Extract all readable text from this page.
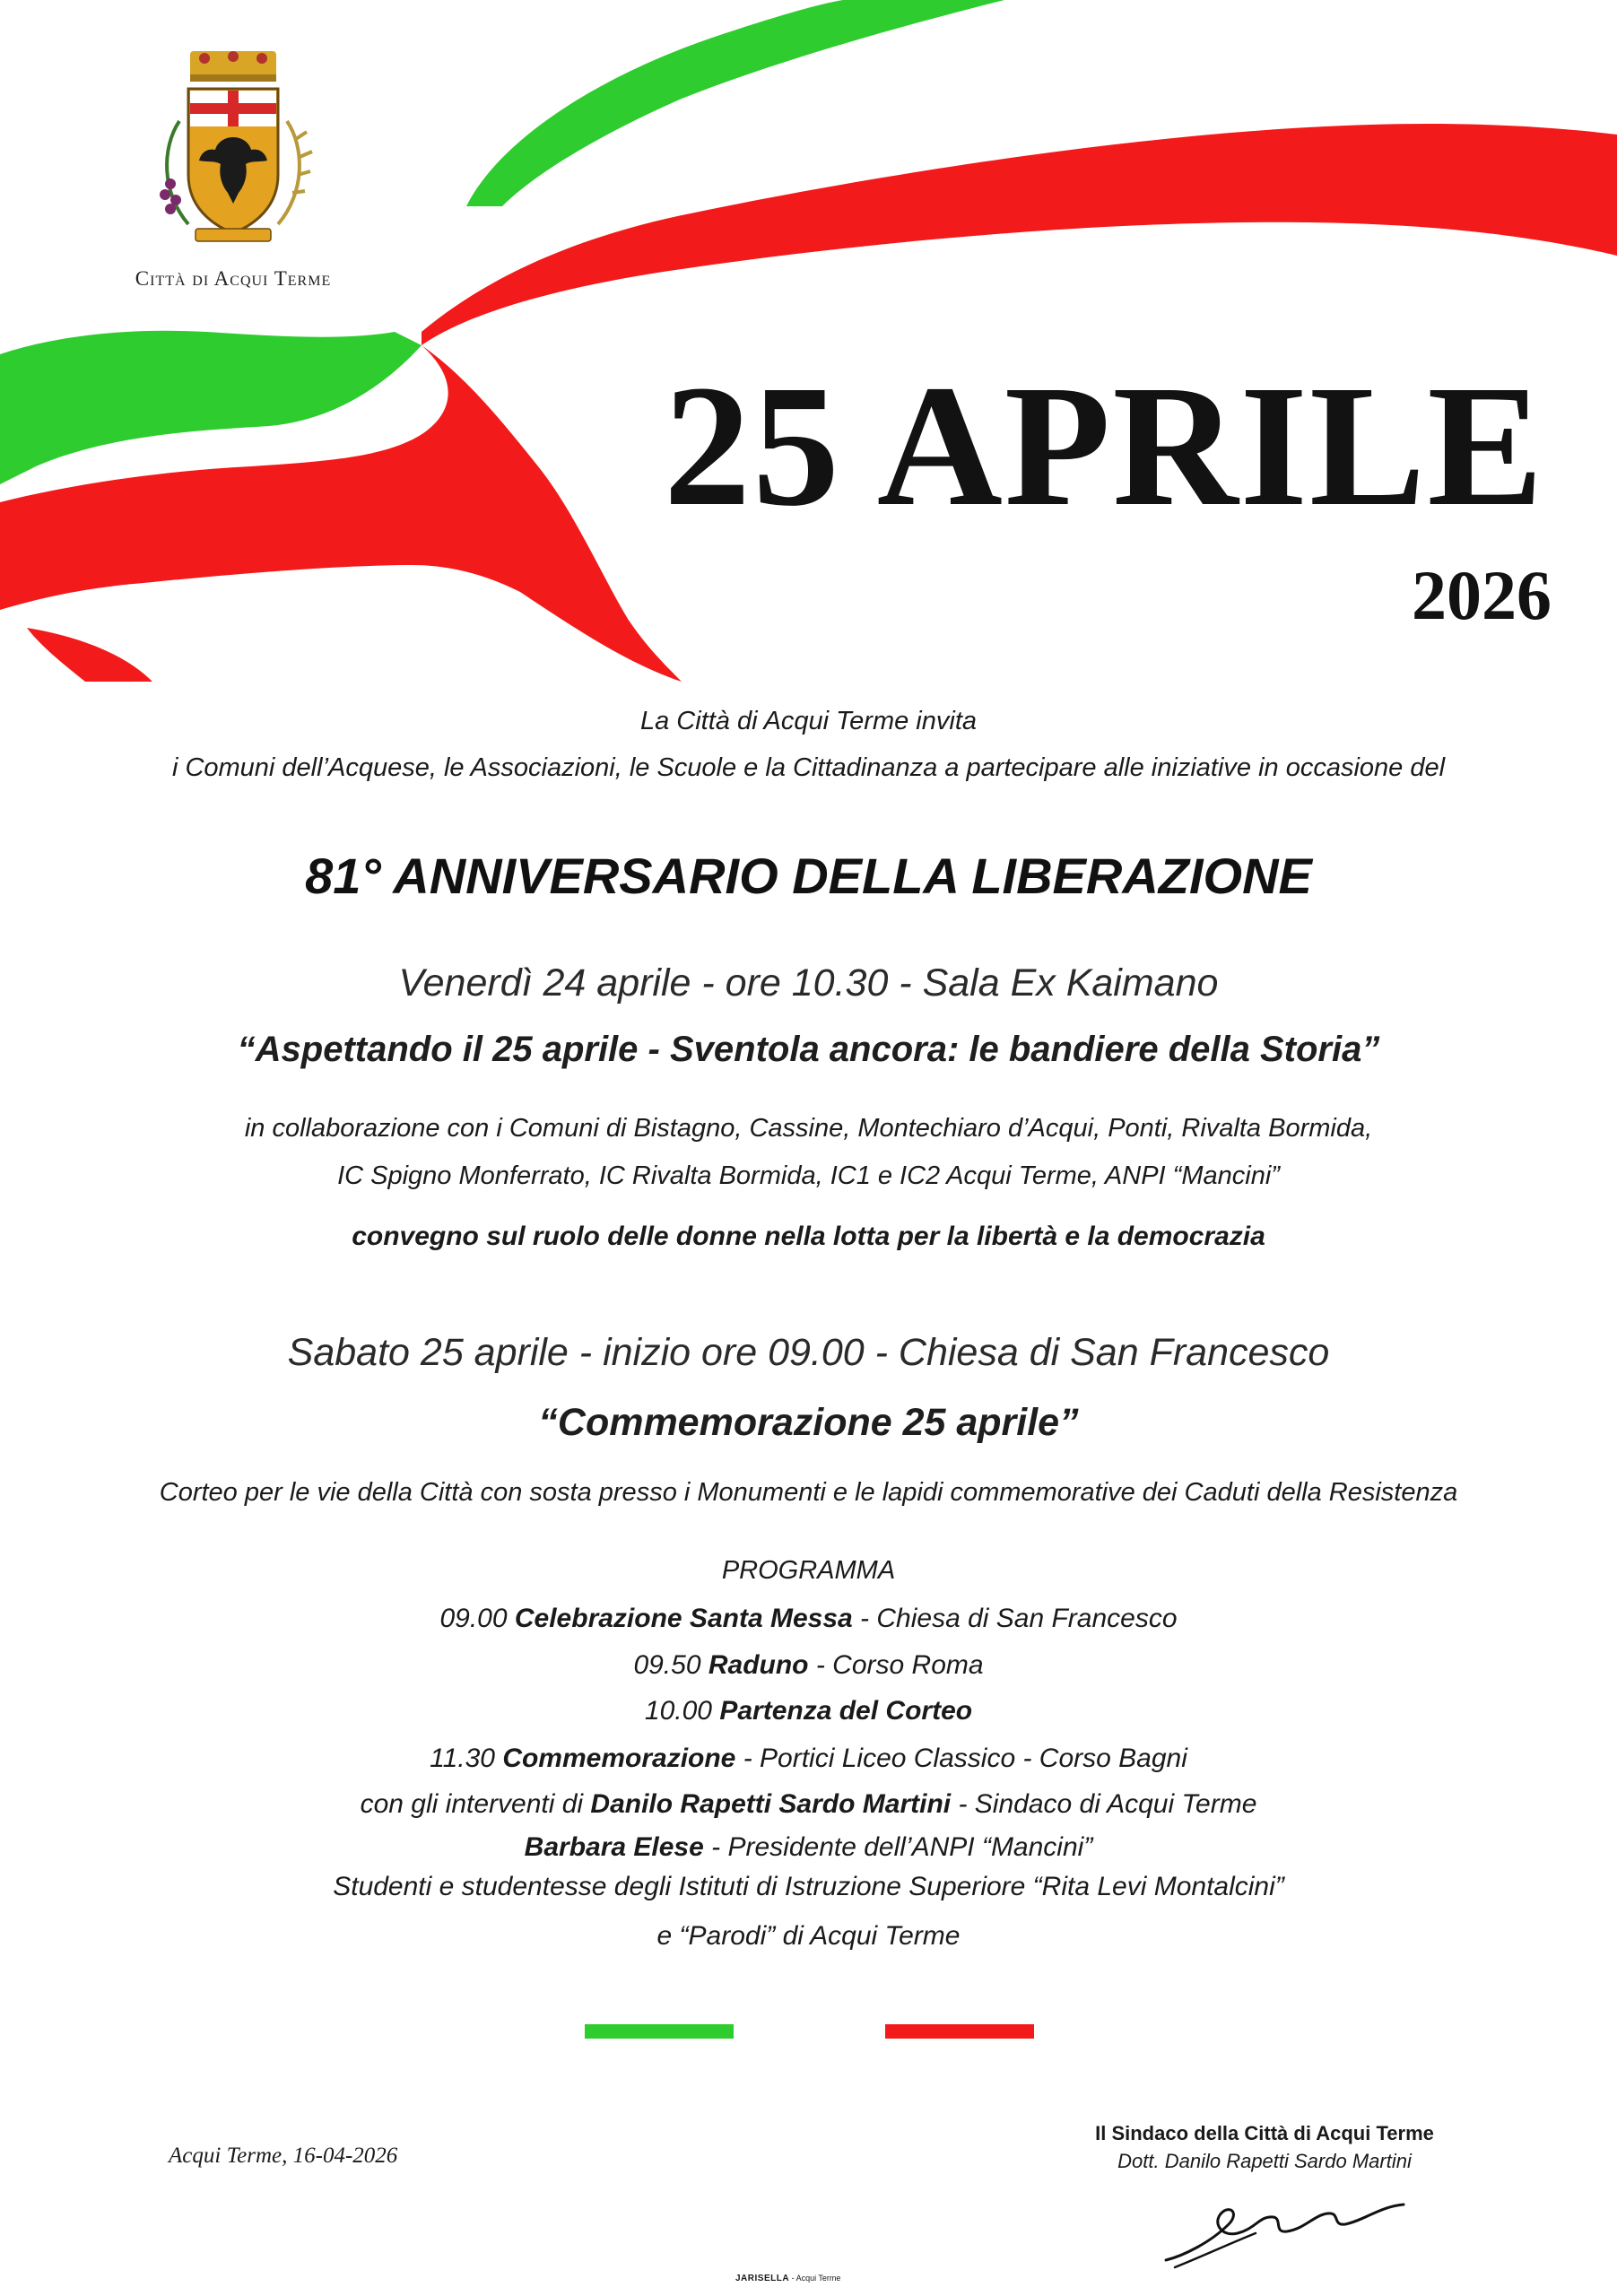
Città di Acqui Terme
25 APRILE
2026
La Città di Acqui Terme invita
i Comuni dell’Acquese, le Associazioni, le Scuole e la Cittadinanza a partecipare alle iniziative in occasione del
81° ANNIVERSARIO DELLA LIBERAZIONE
Venerdì 24 aprile - ore 10.30 - Sala Ex Kaimano
“Aspettando il 25 aprile - Sventola ancora: le bandiere della Storia”
in collaborazione con i Comuni di Bistagno, Cassine, Montechiaro d’Acqui, Ponti, Rivalta Bormida,
IC Spigno Monferrato, IC Rivalta Bormida, IC1 e IC2 Acqui Terme, ANPI “Mancini”
convegno sul ruolo delle donne nella lotta per la libertà e la democrazia
Sabato 25 aprile - inizio ore 09.00 - Chiesa di San Francesco
“Commemorazione 25 aprile”
Corteo per le vie della Città con sosta presso i Monumenti e le lapidi commemorative dei Caduti della Resistenza
PROGRAMMA
09.00 Celebrazione Santa Messa - Chiesa di San Francesco
09.50 Raduno - Corso Roma
10.00 Partenza del Corteo
11.30 Commemorazione - Portici Liceo Classico - Corso Bagni
con gli interventi di Danilo Rapetti Sardo Martini - Sindaco di Acqui Terme
Barbara Elese - Presidente dell’ANPI “Mancini”
Studenti e studentesse degli Istituti di Istruzione Superiore “Rita Levi Montalcini”
e “Parodi” di Acqui Terme
Acqui Terme, 16-04-2026
Il Sindaco della Città di Acqui Terme
Dott. Danilo Rapetti Sardo Martini
JARISELLA - Acqui Terme
